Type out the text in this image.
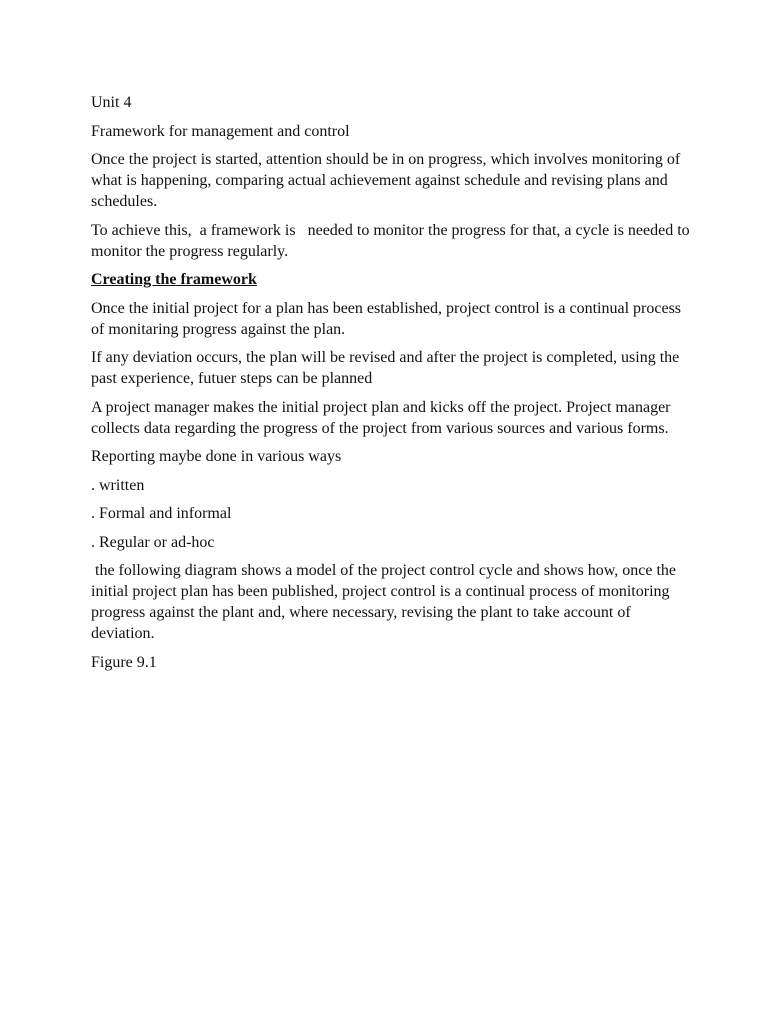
Unit 4

Framework for management and control

Once the project is started, attention should be in on progress, which involves monitoring of what is happening, comparing actual achievement against schedule and revising plans and schedules.

To achieve this,  a framework is   needed to monitor the progress for that, a cycle is needed to monitor the progress regularly.

Creating the framework

Once the initial project for a plan has been established, project control is a continual process of monitaring progress against the plan.

If any deviation occurs, the plan will be revised and after the project is completed, using the past experience, futuer steps can be planned

A project manager makes the initial project plan and kicks off the project. Project manager collects data regarding the progress of the project from various sources and various forms.

Reporting maybe done in various ways

. written

. Formal and informal

. Regular or ad-hoc

the following diagram shows a model of the project control cycle and shows how, once the initial project plan has been published, project control is a continual process of monitoring progress against the plant and, where necessary, revising the plant to take account of deviation.

Figure 9.1
